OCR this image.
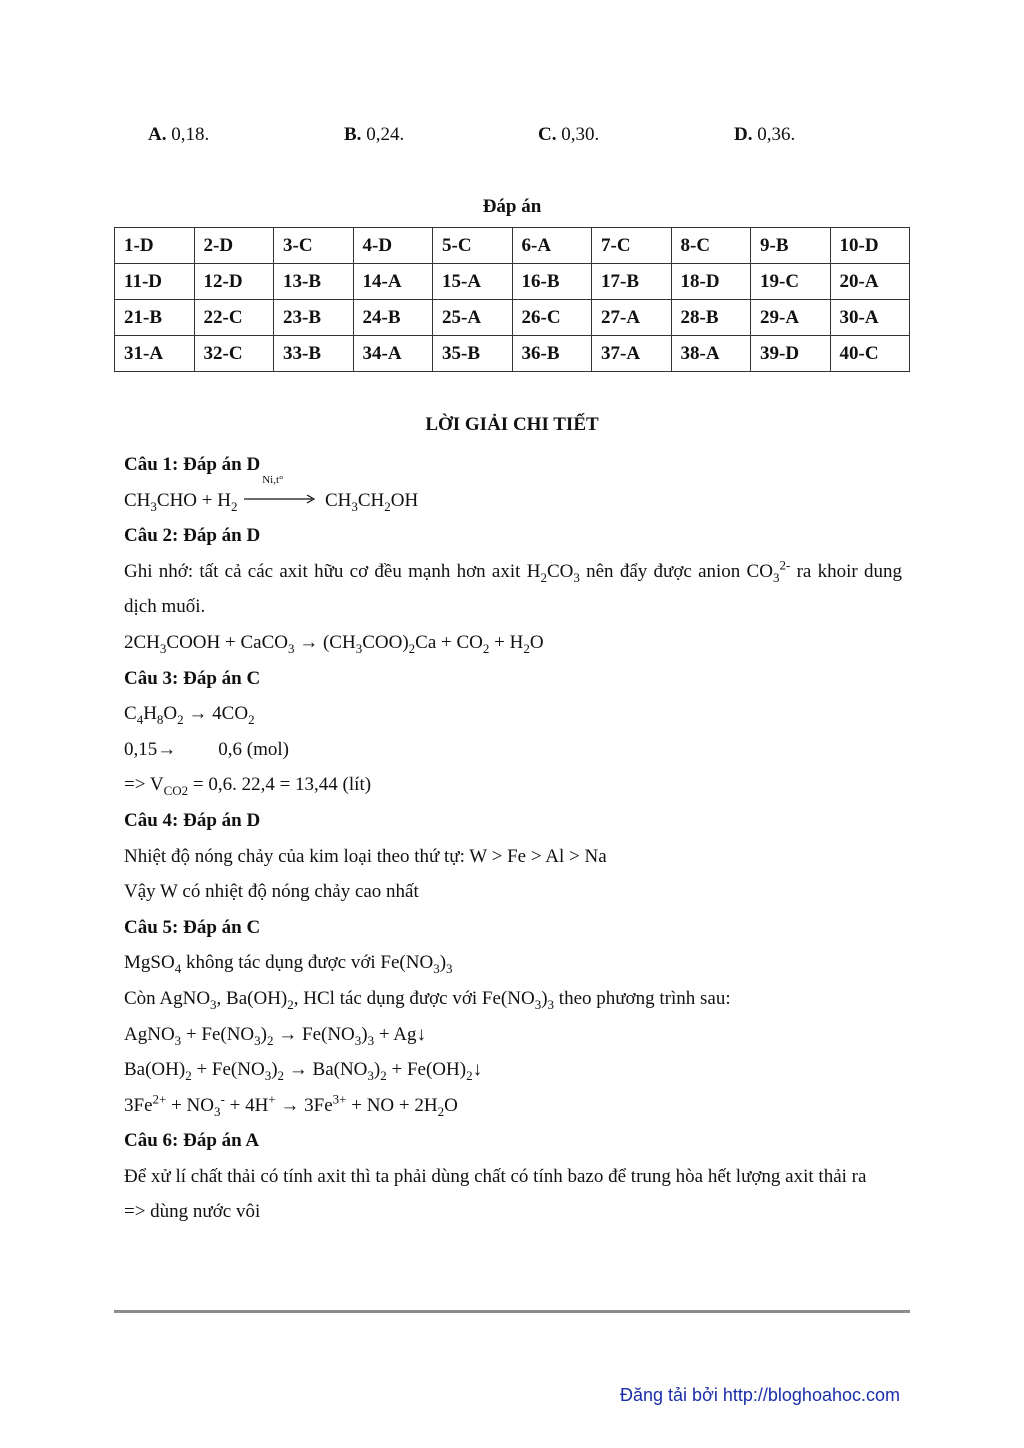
A. 0,18.	B. 0,24.	C. 0,30.	D. 0,36.
Đáp án
1-D	2-D	3-C	4-D	5-C	6-A	7-C	8-C	9-B	10-D
11-D	12-D	13-B	14-A	15-A	16-B	17-B	18-D	19-C	20-A
21-B	22-C	23-B	24-B	25-A	26-C	27-A	28-B	29-A	30-A
31-A	32-C	33-B	34-A	35-B	36-B	37-A	38-A	39-D	40-C
LỜI GIẢI CHI TIẾT
Câu 1: Đáp án D
$CH_3CHO + H_2$
Ni,t°
$CH_3CH_2OH$
Câu 2: Đáp án D
Ghi nhớ: tất cả các axit hữu cơ đều mạnh hơn axit $H_2CO_3$ nên đẩy được anion $CO_3^{2-}$ ra khoir dung dịch muối.
$2CH_3COOH$ + CaCO$_3$ → $(CH_3COO)_2Ca + CO_2 + H_2O$
Câu 3: Đáp án C
$C_4H_8O_2 \to 4CO_2$
0,15→ 0,6 (mol)
=> $V_{CO2} = 0,6$. 22,4 = 13,44 (lít)
Câu 4: Đáp án D
Nhiệt độ nóng chảy của kim loại theo thứ tự: W > Fe > Al > Na
Vậy W có nhiệt độ nóng chảy cao nhất
Câu 5: Đáp án C
MgSO$_4$ không tác dụng được với $Fe(NO_3)_3$
Còn AgNO$_3$, $Ba(OH)_2$, HCl tác dụng được với $Fe(NO_3)_3$ theo phương trình sau:
AgNO$_3$ + $Fe(NO_3)_2 \to Fe(NO_3)_3$ + Ag↓
$Ba(OH)_2 + Fe(NO_3)_2 \to Ba(NO_3)_2$ + $Fe(OH)_2↓$
$3Fe^{2+} + NO_3^- + 4H^+ \to 3Fe^{3+}$ + NO + $2H_2O$
Câu 6: Đáp án A
Để xử lí chất thải có tính axit thì ta phải dùng chất có tính bazo để trung hòa hết lượng axit thải ra
=> dùng nước vôi
Đăng tải bởi http://bloghoahoc.com
